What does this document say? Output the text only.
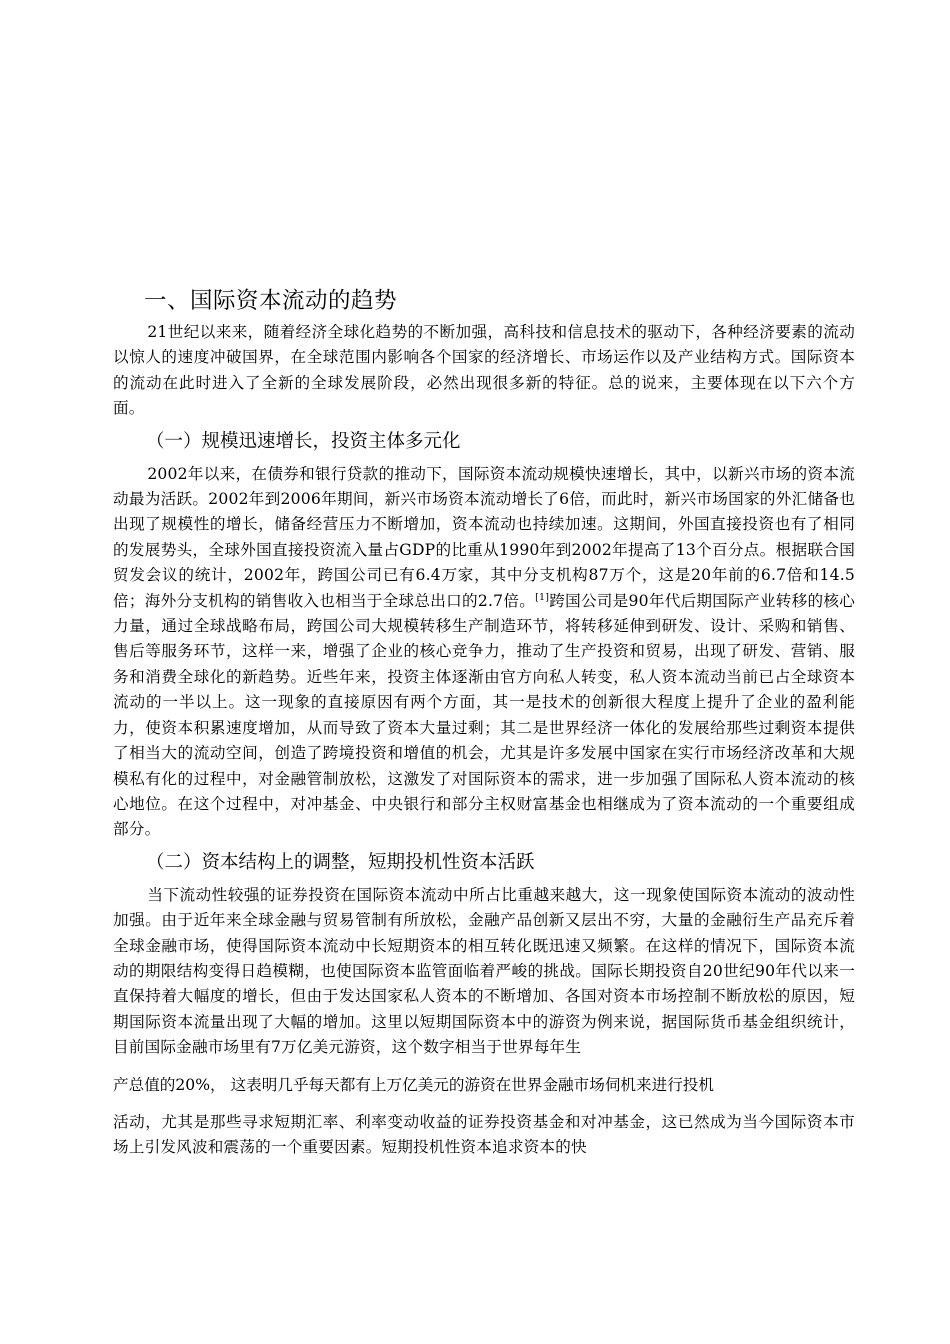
一、国际资本流动的趋势

21世纪以来来，随着经济全球化趋势的不断加强，高科技和信息技术的驱动下，各种经济要素的流动以惊人的速度冲破国界，在全球范围内影响各个国家的经济增长、市场运作以及产业结构方式。国际资本的流动在此时进入了全新的全球发展阶段，必然出现很多新的特征。总的说来，主要体现在以下六个方面。

（一）规模迅速增长，投资主体多元化

2002年以来，在债券和银行贷款的推动下，国际资本流动规模快速增长，其中，以新兴市场的资本流动最为活跃。2002年到2006年期间，新兴市场资本流动增长了6倍，而此时，新兴市场国家的外汇储备也出现了规模性的增长，储备经营压力不断增加，资本流动也持续加速。这期间，外国直接投资也有了相同的发展势头，全球外国直接投资流入量占GDP的比重从1990年到2002年提高了13个百分点。根据联合国贸发会议的统计，2002年，跨国公司已有6.4万家，其中分支机构87万个，这是20年前的6.7倍和14.5倍；海外分支机构的销售收入也相当于全球总出口的2.7倍。[1]跨国公司是90年代后期国际产业转移的核心力量，通过全球战略布局，跨国公司大规模转移生产制造环节，将转移延伸到研发、设计、采购和销售、售后等服务环节，这样一来，增强了企业的核心竞争力，推动了生产投资和贸易，出现了研发、营销、服务和消费全球化的新趋势。近些年来，投资主体逐渐由官方向私人转变，私人资本流动当前已占全球资本流动的一半以上。这一现象的直接原因有两个方面，其一是技术的创新很大程度上提升了企业的盈利能力，使资本积累速度增加，从而导致了资本大量过剩；其二是世界经济一体化的发展给那些过剩资本提供了相当大的流动空间，创造了跨境投资和增值的机会，尤其是许多发展中国家在实行市场经济改革和大规模私有化的过程中，对金融管制放松，这激发了对国际资本的需求，进一步加强了国际私人资本流动的核心地位。在这个过程中，对冲基金、中央银行和部分主权财富基金也相继成为了资本流动的一个重要组成部分。

（二）资本结构上的调整，短期投机性资本活跃

当下流动性较强的证券投资在国际资本流动中所占比重越来越大，这一现象使国际资本流动的波动性加强。由于近年来全球金融与贸易管制有所放松，金融产品创新又层出不穷，大量的金融衍生产品充斥着全球金融市场，使得国际资本流动中长短期资本的相互转化既迅速又频繁。在这样的情况下，国际资本流动的期限结构变得日趋模糊，也使国际资本监管面临着严峻的挑战。国际长期投资自20世纪90年代以来一直保持着大幅度的增长，但由于发达国家私人资本的不断增加、各国对资本市场控制不断放松的原因，短期国际资本流量出现了大幅的增加。这里以短期国际资本中的游资为例来说，据国际货币基金组织统计，目前国际金融市场里有7万亿美元游资，这个数字相当于世界每年生

产总值的20%， 这表明几乎每天都有上万亿美元的游资在世界金融市场伺机来进行投机

活动，尤其是那些寻求短期汇率、利率变动收益的证券投资基金和对冲基金，这已然成为当今国际资本市场上引发风波和震荡的一个重要因素。短期投机性资本追求资本的快
